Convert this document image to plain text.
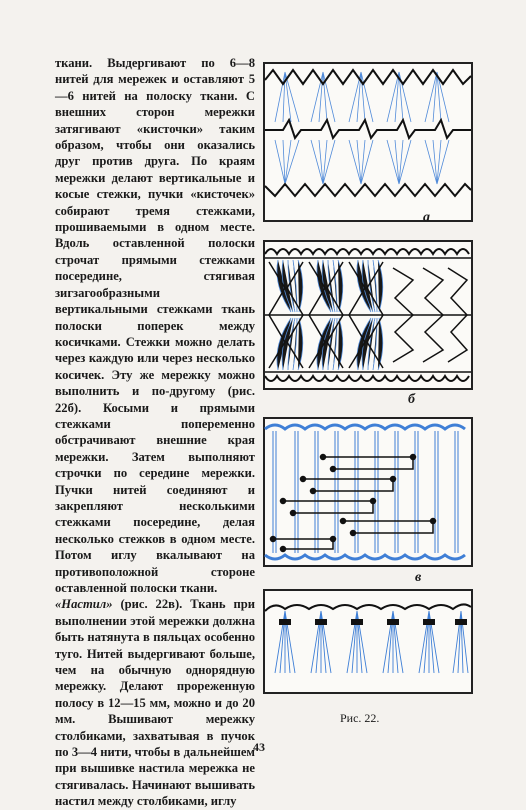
ткани. Выдергивают по 6—8 нитей для мережек и оставляют 5—6 нитей на полоску ткани. С внешних сторон мережки затягивают «кисточки» таким образом, чтобы они оказались друг против друга. По краям мережки делают вертикальные и косые стежки, пучки «кисточек» собирают тремя стежками, прошиваемыми в одном месте. Вдоль оставленной полоски строчат прямыми стежками посередине, стягивая зигзагообразными вертикальными стежками ткань полоски поперек между косичками. Стежки можно делать через каждую или через несколько косичек. Эту же мережку можно выполнить и по-другому (рис. 22б). Косыми и прямыми стежками попеременно обстрачивают внешние края мережки. Затем выполняют строчки по середине мережки. Пучки нитей соединяют и закрепляют несколькими стежками посередине, делая несколько стежков в одном месте. Потом иглу вкалывают на противоположной стороне оставленной полоски ткани.

«Настил» (рис. 22в). Ткань при выполнении этой мережки должна быть натянута в пяльцах особенно туго. Нитей выдергивают больше, чем на обычную однорядную мережку. Делают прореженную полосу в 12—15 мм, можно и до 20 мм. Вышивают мережку столбиками, захватывая в пучок по 3—4 нити, чтобы в дальнейшем при вышивке настила мережка не стягивалась. Начинают вышивать настил между столбиками, иглу

а
б
в
Рис. 22.
43
